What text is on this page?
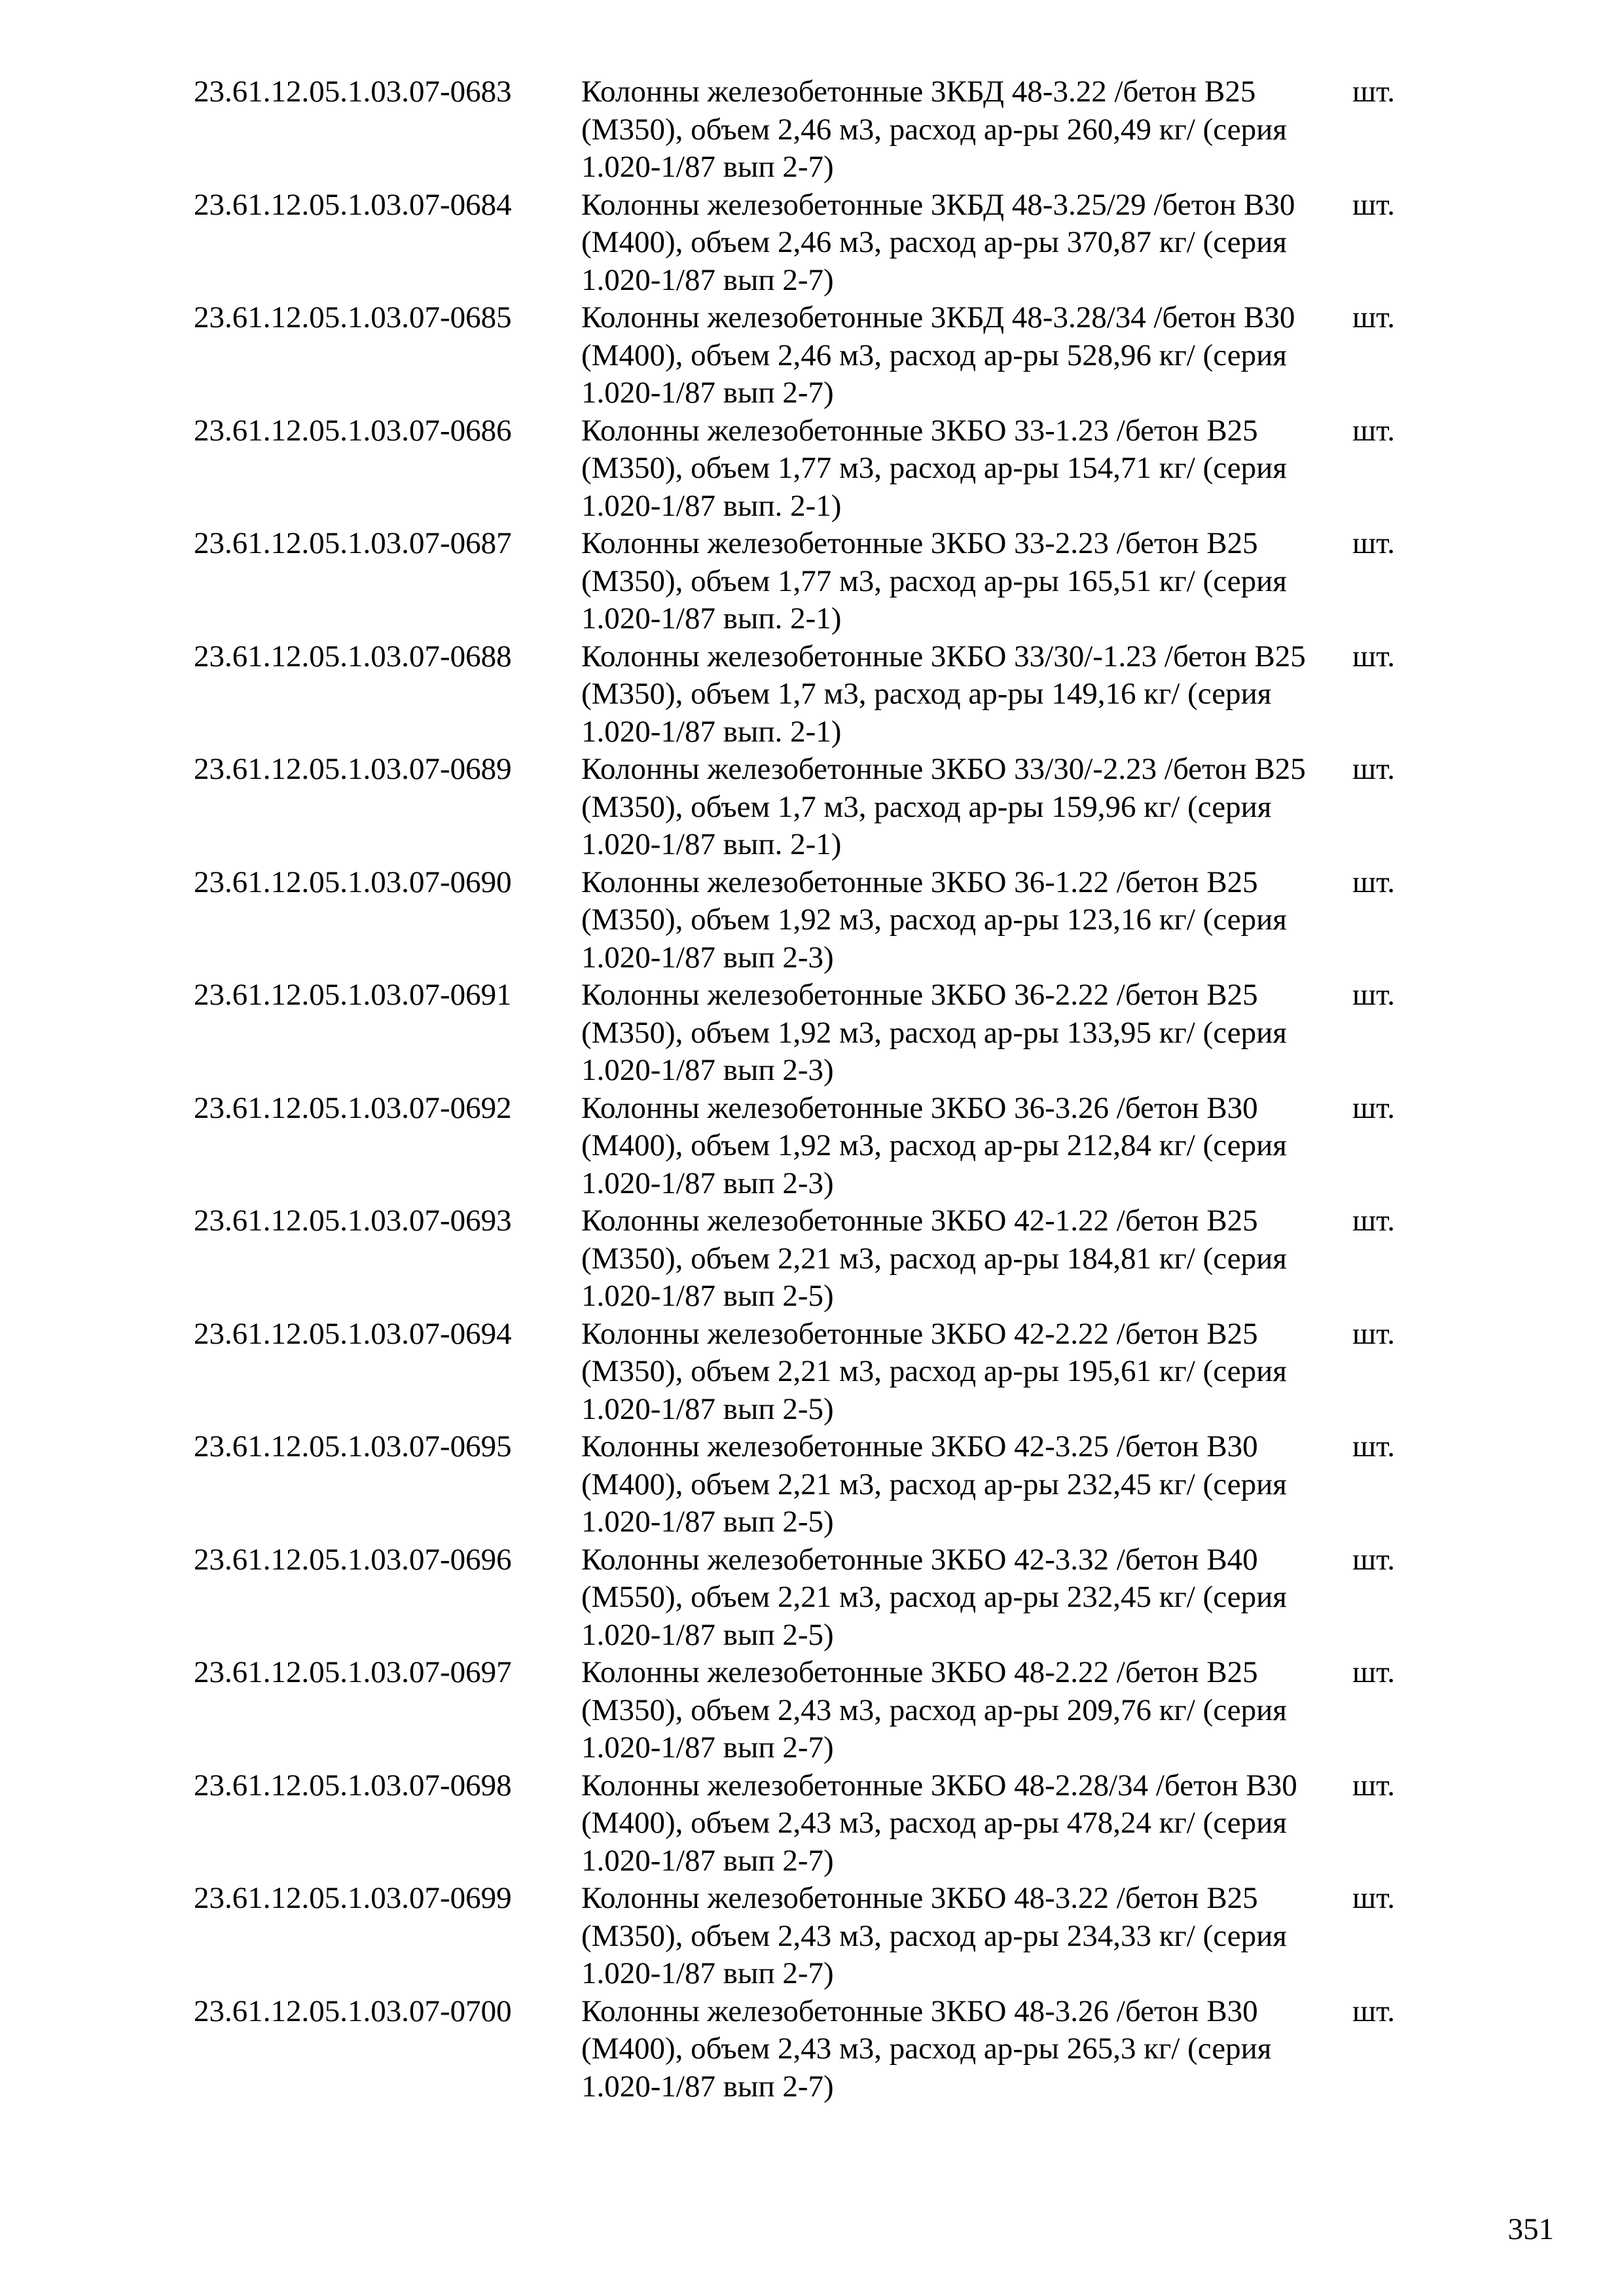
23.61.12.05.1.03.07-0683	Колонны железобетонные 3КБД 48-3.22 /бетон В25 (М350), объем 2,46 м3, расход ар-ры 260,49 кг/ (серия 1.020-1/87 вып 2-7)	шт.
23.61.12.05.1.03.07-0684	Колонны железобетонные 3КБД 48-3.25/29 /бетон В30 (М400), объем 2,46 м3, расход ар-ры 370,87 кг/ (серия 1.020-1/87 вып 2-7)	шт.
23.61.12.05.1.03.07-0685	Колонны железобетонные 3КБД 48-3.28/34 /бетон В30 (М400), объем 2,46 м3, расход ар-ры 528,96 кг/ (серия 1.020-1/87 вып 2-7)	шт.
23.61.12.05.1.03.07-0686	Колонны железобетонные 3КБО 33-1.23 /бетон В25 (М350), объем 1,77 м3, расход ар-ры 154,71 кг/ (серия 1.020-1/87 вып. 2-1)	шт.
23.61.12.05.1.03.07-0687	Колонны железобетонные 3КБО 33-2.23 /бетон В25 (М350), объем 1,77 м3, расход ар-ры 165,51 кг/ (серия 1.020-1/87 вып. 2-1)	шт.
23.61.12.05.1.03.07-0688	Колонны железобетонные 3КБО 33/30/-1.23 /бетон В25 (М350), объем 1,7 м3, расход ар-ры 149,16 кг/ (серия 1.020-1/87 вып. 2-1)	шт.
23.61.12.05.1.03.07-0689	Колонны железобетонные 3КБО 33/30/-2.23 /бетон В25 (М350), объем 1,7 м3, расход ар-ры 159,96 кг/ (серия 1.020-1/87 вып. 2-1)	шт.
23.61.12.05.1.03.07-0690	Колонны железобетонные 3КБО 36-1.22 /бетон В25 (М350), объем 1,92 м3, расход ар-ры 123,16 кг/ (серия 1.020-1/87 вып 2-3)	шт.
23.61.12.05.1.03.07-0691	Колонны железобетонные 3КБО 36-2.22 /бетон В25 (М350), объем 1,92 м3, расход ар-ры 133,95 кг/ (серия 1.020-1/87 вып 2-3)	шт.
23.61.12.05.1.03.07-0692	Колонны железобетонные 3КБО 36-3.26 /бетон В30 (М400), объем 1,92 м3, расход ар-ры 212,84 кг/ (серия 1.020-1/87 вып 2-3)	шт.
23.61.12.05.1.03.07-0693	Колонны железобетонные 3КБО 42-1.22 /бетон В25 (М350), объем 2,21 м3, расход ар-ры 184,81 кг/ (серия 1.020-1/87 вып 2-5)	шт.
23.61.12.05.1.03.07-0694	Колонны железобетонные 3КБО 42-2.22 /бетон В25 (М350), объем 2,21 м3, расход ар-ры 195,61 кг/ (серия 1.020-1/87 вып 2-5)	шт.
23.61.12.05.1.03.07-0695	Колонны железобетонные 3КБО 42-3.25 /бетон В30 (М400), объем 2,21 м3, расход ар-ры 232,45 кг/ (серия 1.020-1/87 вып 2-5)	шт.
23.61.12.05.1.03.07-0696	Колонны железобетонные 3КБО 42-3.32 /бетон В40 (М550), объем 2,21 м3, расход ар-ры 232,45 кг/ (серия 1.020-1/87 вып 2-5)	шт.
23.61.12.05.1.03.07-0697	Колонны железобетонные 3КБО 48-2.22 /бетон В25 (М350), объем 2,43 м3, расход ар-ры 209,76 кг/ (серия 1.020-1/87 вып 2-7)	шт.
23.61.12.05.1.03.07-0698	Колонны железобетонные 3КБО 48-2.28/34 /бетон В30 (М400), объем 2,43 м3, расход ар-ры 478,24 кг/ (серия 1.020-1/87 вып 2-7)	шт.
23.61.12.05.1.03.07-0699	Колонны железобетонные 3КБО 48-3.22 /бетон В25 (М350), объем 2,43 м3, расход ар-ры 234,33 кг/ (серия 1.020-1/87 вып 2-7)	шт.
23.61.12.05.1.03.07-0700	Колонны железобетонные 3КБО 48-3.26 /бетон В30 (М400), объем 2,43 м3, расход ар-ры 265,3 кг/ (серия 1.020-1/87 вып 2-7)	шт.
351
